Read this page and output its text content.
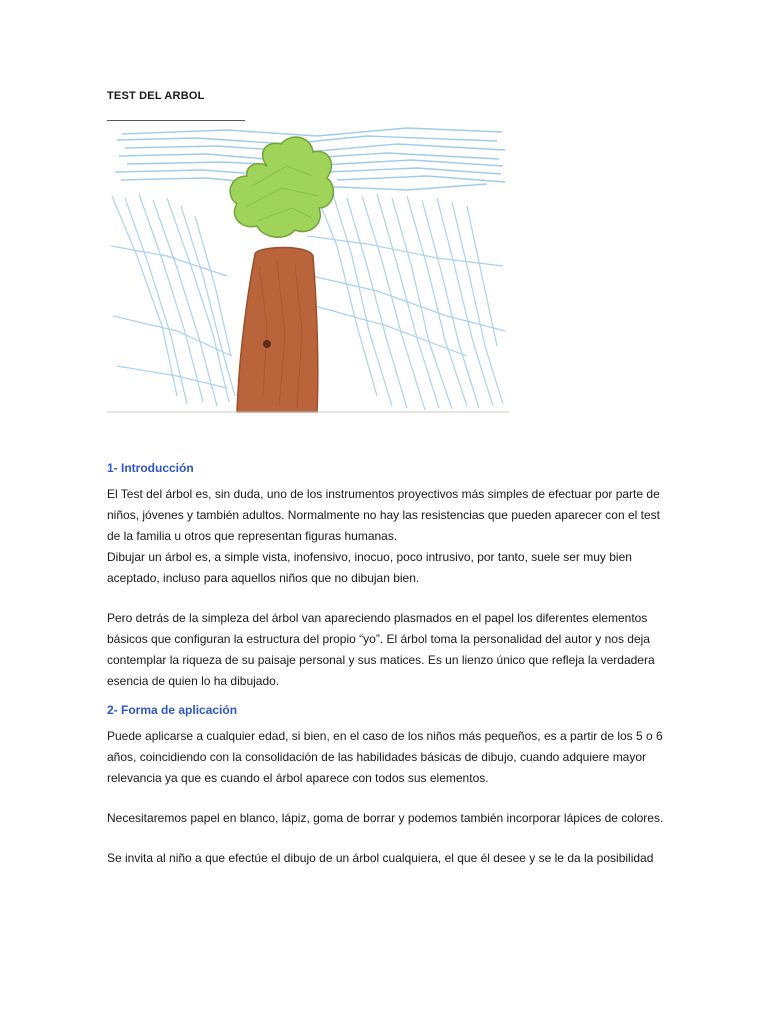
TEST DEL ARBOL
1- Introducción

El Test del árbol es, sin duda, uno de los instrumentos proyectivos más simples de efectuar por parte de niños, jóvenes y también adultos. Normalmente no hay las resistencias que pueden aparecer con el test de la familia u otros que representan figuras humanas.

Dibujar un árbol es, a simple vista, inofensivo, inocuo, poco intrusivo, por tanto, suele ser muy bien aceptado, incluso para aquellos niños que no dibujan bien.

Pero detrás de la simpleza del árbol van apareciendo plasmados en el papel los diferentes elementos básicos que configuran la estructura del propio “yo”. El árbol toma la personalidad del autor y nos deja contemplar la riqueza de su paisaje personal y sus matices. Es un lienzo único que refleja la verdadera esencia de quien lo ha dibujado.

2- Forma de aplicación

Puede aplicarse a cualquier edad, si bien, en el caso de los niños más pequeños, es a partir de los 5 o 6 años, coincidiendo con la consolidación de las habilidades básicas de dibujo, cuando adquiere mayor relevancia ya que es cuando el árbol aparece con todos sus elementos.

Necesitaremos papel en blanco, lápiz, goma de borrar y podemos también incorporar lápices de colores.

Se invita al niño a que efectúe el dibujo de un árbol cualquiera, el que él desee y se le da la posibilidad
